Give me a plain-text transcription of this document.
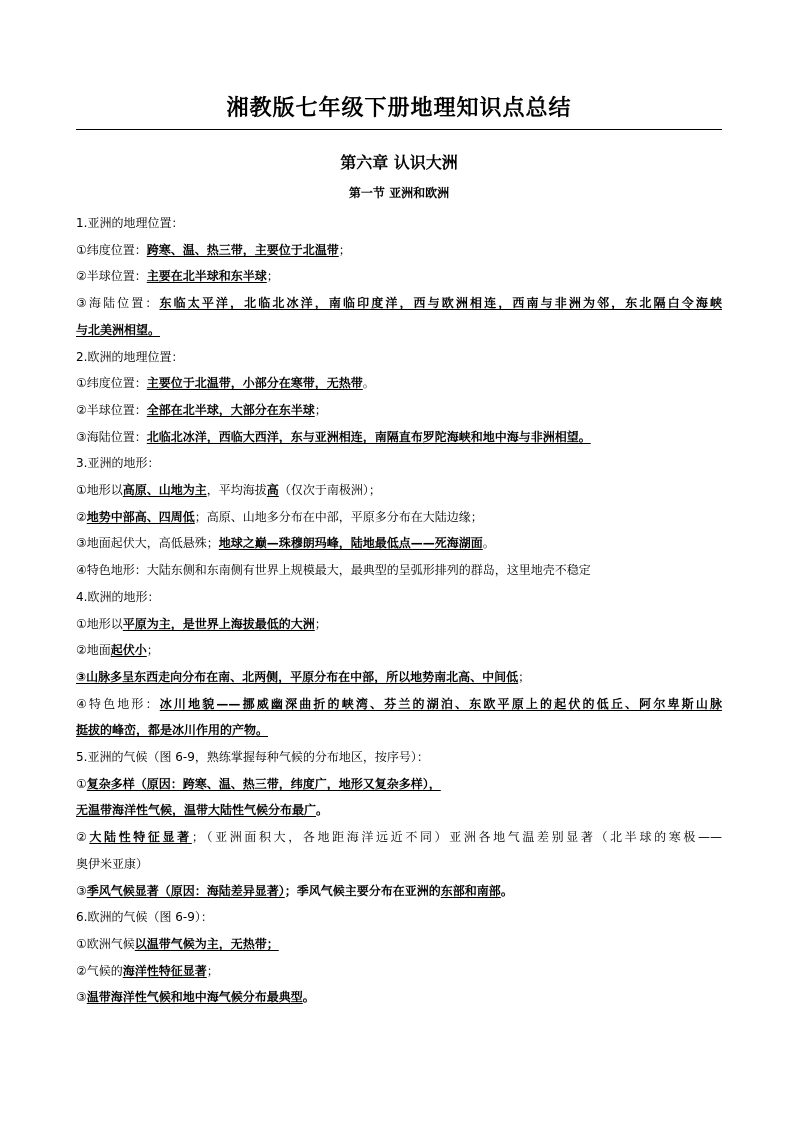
湘教版七年级下册地理知识点总结
第六章 认识大洲
第一节 亚洲和欧洲
1.亚洲的地理位置：
①纬度位置：跨寒、温、热三带，主要位于北温带；
②半球位置：主要在北半球和东半球；
③海陆位置：东临太平洋，北临北冰洋，南临印度洋，西与欧洲相连，西南与非洲为邻，东北隔白令海峡
与北美洲相望。
2.欧洲的地理位置：
①纬度位置：主要位于北温带，小部分在寒带，无热带。
②半球位置：全部在北半球，大部分在东半球；
③海陆位置：北临北冰洋，西临大西洋，东与亚洲相连，南隔直布罗陀海峡和地中海与非洲相望。
3.亚洲的地形：
①地形以高原、山地为主，平均海拔高（仅次于南极洲）；
②地势中部高、四周低；高原、山地多分布在中部，平原多分布在大陆边缘；
③地面起伏大，高低悬殊；地球之巅—珠穆朗玛峰，陆地最低点——死海湖面。
④特色地形：大陆东侧和东南侧有世界上规模最大，最典型的呈弧形排列的群岛，这里地壳不稳定
4.欧洲的地形：
①地形以平原为主，是世界上海拔最低的大洲；
②地面起伏小；
③山脉多呈东西走向分布在南、北两侧，平原分布在中部，所以地势南北高、中间低；
④特色地形：冰川地貌——挪威幽深曲折的峡湾、芬兰的湖泊、东欧平原上的起伏的低丘、阿尔卑斯山脉
挺拔的峰峦，都是冰川作用的产物。
5.亚洲的气候（图 6-9，熟练掌握每种气候的分布地区，按序号）：
①复杂多样（原因：跨寒、温、热三带，纬度广，地形又复杂多样），
无温带海洋性气候，温带大陆性气候分布最广。
②大陆性特征显著；（亚洲面积大，各地距海洋远近不同）亚洲各地气温差别显著（北半球的寒极——
奥伊米亚康）
③季风气候显著（原因：海陆差异显著）；季风气候主要分布在亚洲的东部和南部。
6.欧洲的气候（图 6-9）：
①欧洲气候以温带气候为主，无热带；
②气候的海洋性特征显著；
③温带海洋性气候和地中海气候分布最典型。
